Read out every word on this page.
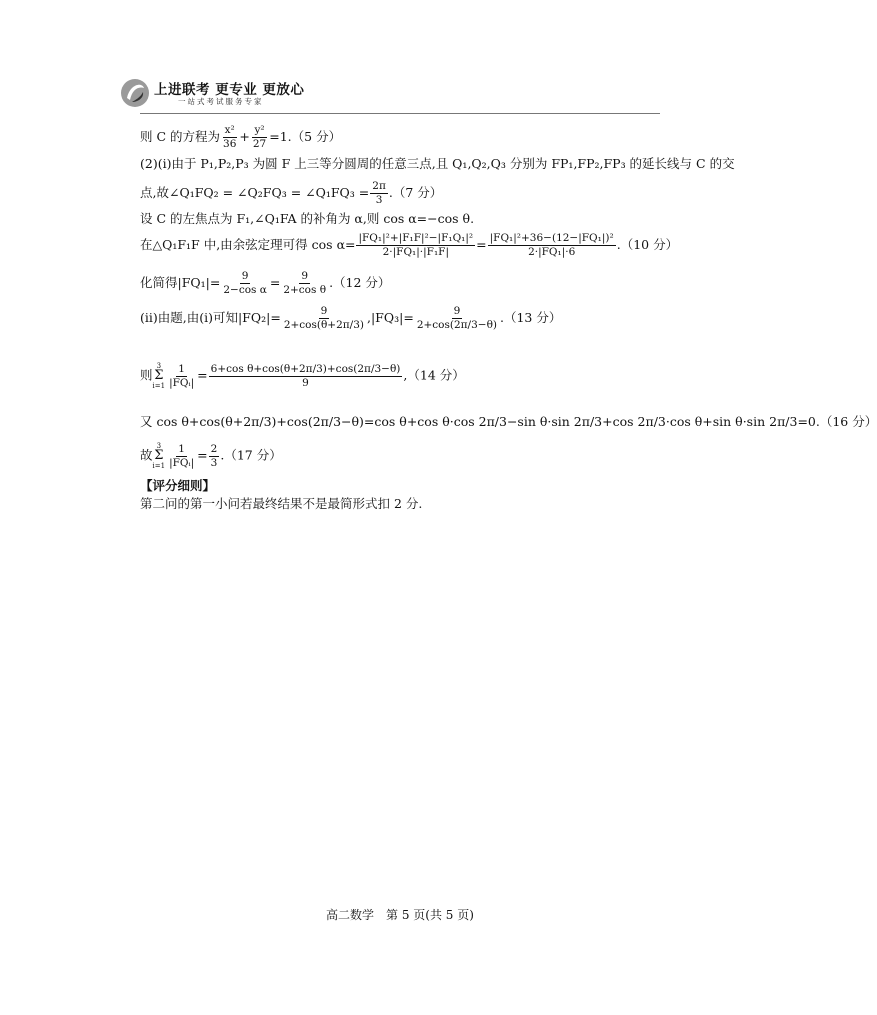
上进联考 更专业 更放心
一站式考试服务专家
则 C 的方程为 $\frac{\text{x²}}{36} + \frac{\text{y²}}{27} =1.(5$ 分）
(2)(i)由于 P₁,P₂,P₃ 为圆 F 上三等分圆周的任意三点,且 Q₁,Q₂,Q₃ 分别为 FP₁,FP₂,FP₃ 的延长线与 C 的交
点,故∠Q₁FQ₂ = ∠Q₂FQ₃ = ∠Q₁FQ₃ = $\frac{2\pi}{3} .(7$ 分）
设 C 的左焦点为 F₁,∠Q₁FA 的补角为 α,则 cos α=−cos θ.
在△Q₁F₁F 中,由余弦定理可得 $\cos \alpha= \frac{\text{|FQ₁|²+|F₁F|²−|F₁Q₁|²}}{\text{2·|FQ₁|·|F₁F|}} = \frac{\text{|FQ₁|²+36−(12−|FQ₁|)²}}{\text{2·|FQ₁|·6}} .(10$ 分）
化简得$|FQ_1|= \frac{9}{\text{2−cos α}} = \frac{9}{\text{2+cos θ}} .(12$ 分）
(ii)由题,由(i)可知$|FQ_2|= \frac{9}{2+\cos(\theta+2\pi/3)} ,|FQ_3|= \frac{9}{2+\cos(2\pi/3-\theta)} .(13$ 分）
则
3
Σ
$i=1 \frac{1}{\text{|FQᵢ|}} = \frac{\text{6+cos θ+cos(θ+2π/3)+cos(2π/3−θ)}}{9} ,(14$ 分）
又 cos θ+cos(θ+2π/3)+cos(2π/3−θ)=cos θ+cos θ·cos 2π/3−sin θ·sin 2π/3+cos 2π/3·cos θ+sin θ·sin 2π/3=0.（16 分）
故
3
Σ
$i=1 \frac{1}{\text{|FQᵢ|}} = \frac{2}{3} .(17$ 分）
【评分细则】
第二问的第一小问若最终结果不是最简形式扣 2 分.
高二数学　第 5 页(共 5 页)
